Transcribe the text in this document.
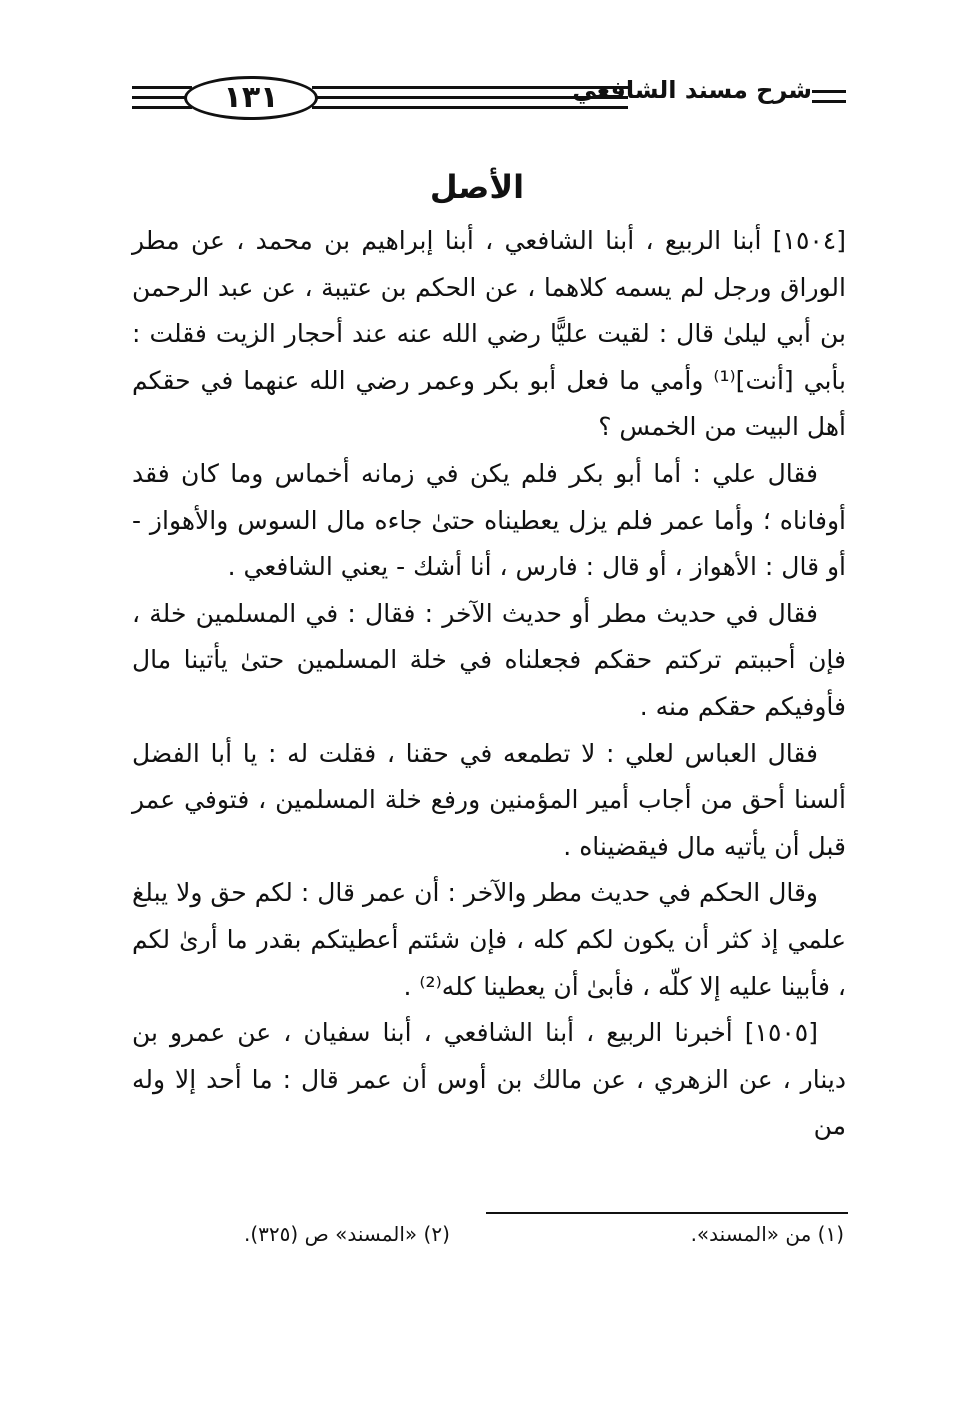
١٣١	شرح مسند الشافعي
الأصل

[١٥٠٤] أبنا الربيع ، أبنا الشافعي ، أبنا إبراهيم بن محمد ، عن مطر الوراق ورجل لم يسمه كلاهما ، عن الحكم بن عتيبة ، عن عبد الرحمن بن أبي ليلىٰ قال : لقيت عليًّا رضي الله عنه عند أحجار الزيت فقلت : بأبي [أنت]⁽¹⁾ وأمي ما فعل أبو بكر وعمر رضي الله عنهما في حقكم أهل البيت من الخمس ؟

فقال علي : أما أبو بكر فلم يكن في زمانه أخماس وما كان فقد أوفاناه ؛ وأما عمر فلم يزل يعطيناه حتىٰ جاءه مال السوس والأهواز - أو قال : الأهواز ، أو قال : فارس ، أنا أشك - يعني الشافعي .

فقال في حديث مطر أو حديث الآخر : فقال : في المسلمين خلة ، فإن أحببتم تركتم حقكم فجعلناه في خلة المسلمين حتىٰ يأتينا مال فأوفيكم حقكم منه .

فقال العباس لعلي : لا تطمعه في حقنا ، فقلت له : يا أبا الفضل ألسنا أحق من أجاب أمير المؤمنين ورفع خلة المسلمين ، فتوفي عمر قبل أن يأتيه مال فيقضيناه .

وقال الحكم في حديث مطر والآخر : أن عمر قال : لكم حق ولا يبلغ علمي إذ كثر أن يكون لكم كله ، فإن شئتم أعطيتكم بقدر ما أرىٰ لكم ، فأبينا عليه إلا كلّه ، فأبىٰ أن يعطينا كله⁽²⁾ .

[١٥٠٥] أخبرنا الربيع ، أبنا الشافعي ، أبنا سفيان ، عن عمرو بن دينار ، عن الزهري ، عن مالك بن أوس أن عمر قال : ما أحد إلا وله من

(١) من «المسند».
(٢) «المسند» ص (٣٢٥).
